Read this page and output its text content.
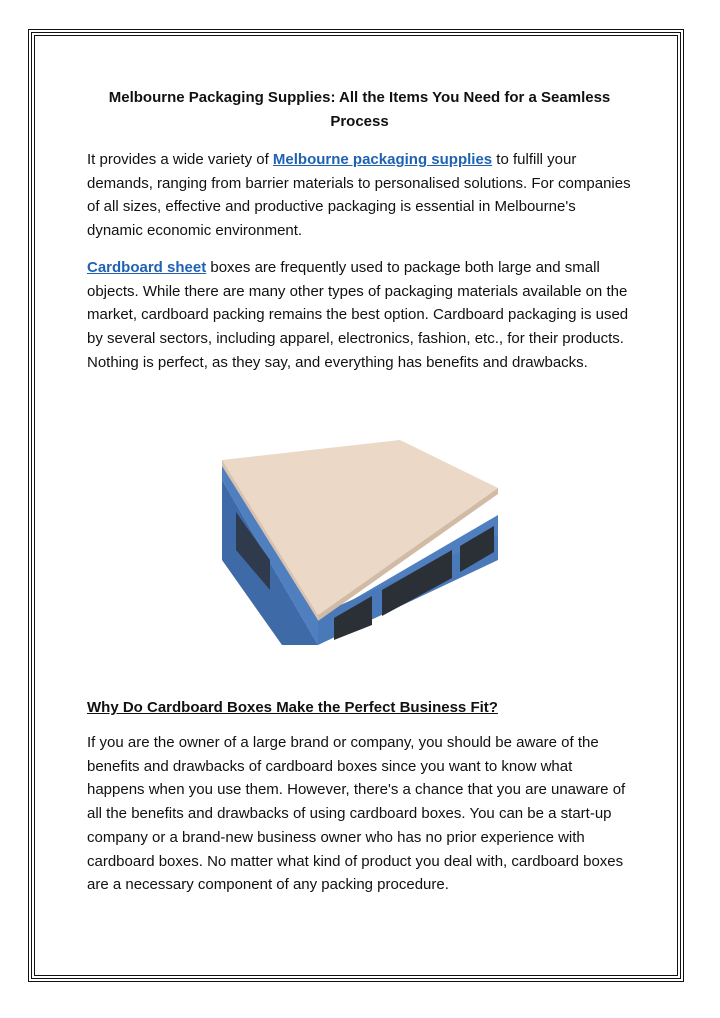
Melbourne Packaging Supplies: All the Items You Need for a Seamless Process

It provides a wide variety of Melbourne packaging supplies to fulfill your demands, ranging from barrier materials to personalised solutions. For companies of all sizes, effective and productive packaging is essential in Melbourne's dynamic economic environment.

Cardboard sheet boxes are frequently used to package both large and small objects. While there are many other types of packaging materials available on the market, cardboard packing remains the best option. Cardboard packaging is used by several sectors, including apparel, electronics, fashion, etc., for their products. Nothing is perfect, as they say, and everything has benefits and drawbacks.

Why Do Cardboard Boxes Make the Perfect Business Fit?

If you are the owner of a large brand or company, you should be aware of the benefits and drawbacks of cardboard boxes since you want to know what happens when you use them. However, there's a chance that you are unaware of all the benefits and drawbacks of using cardboard boxes. You can be a start-up company or a brand-new business owner who has no prior experience with cardboard boxes. No matter what kind of product you deal with, cardboard boxes are a necessary component of any packing procedure.
